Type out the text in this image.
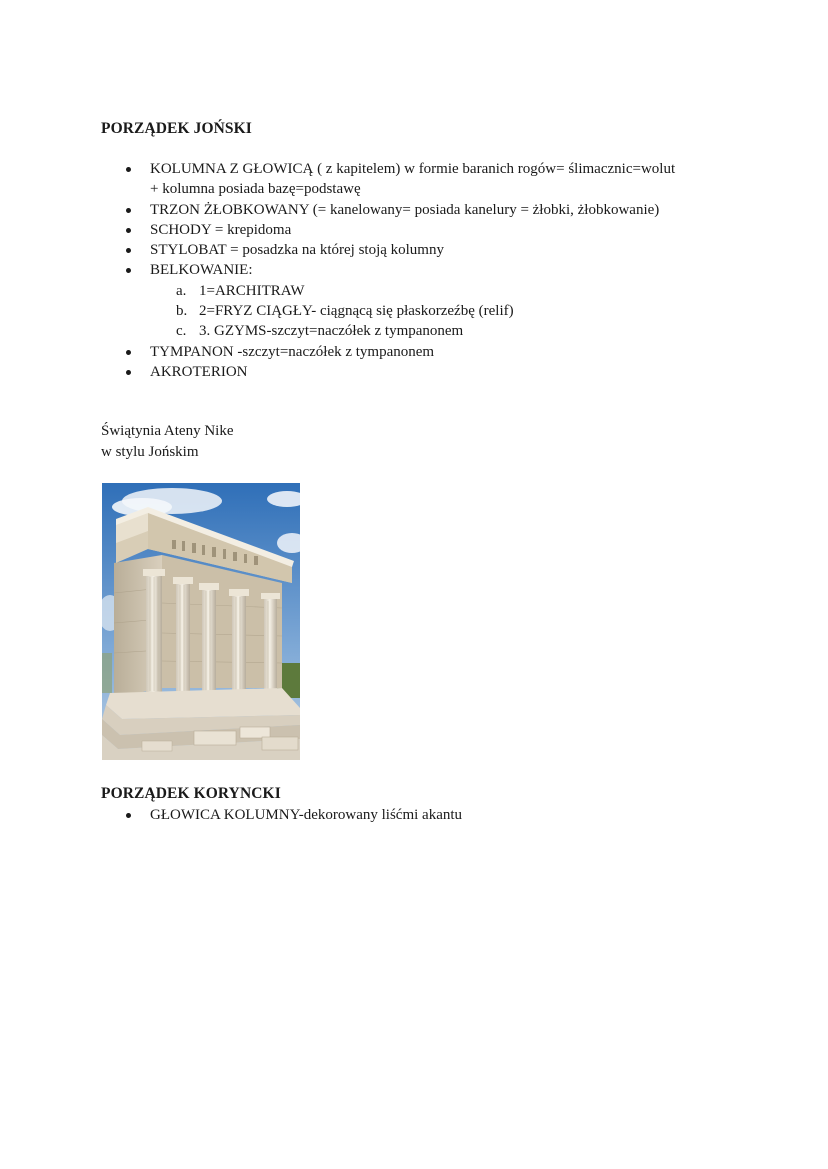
PORZĄDEK JOŃSKI
KOLUMNA Z GŁOWICĄ ( z kapitelem) w formie baranich rogów= ślimacznic=wolut
+ kolumna posiada bazę=podstawę
TRZON ŻŁOBKOWANY (= kanelowany= posiada kanelury = żłobki, żłobkowanie)
SCHODY = krepidoma
STYLOBAT = posadzka na której stoją kolumny
BELKOWANIE:
a. 1=ARCHITRAW
b. 2=FRYZ CIĄGŁY- ciągnącą się płaskorzeźbę (relif)
c. 3. GZYMS-szczyt=naczółek z tympanonem
TYMPANON -szczyt=naczółek z tympanonem
AKROTERION
Świątynia Ateny Nike
w stylu Jońskim
PORZĄDEK KORYNCKI
GŁOWICA KOLUMNY-dekorowany liśćmi akantu
